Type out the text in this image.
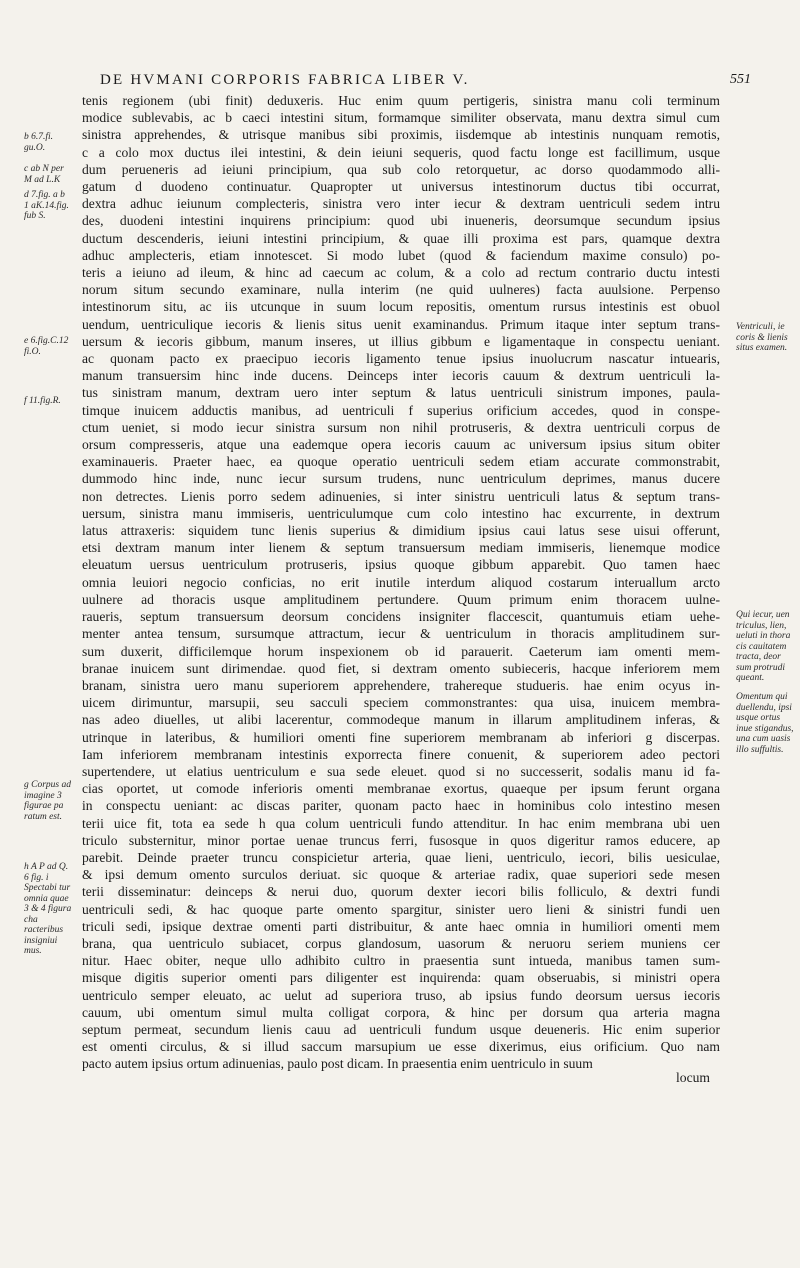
DE HVMANI CORPORIS FABRICA LIBER V.	551
tenis regionem (ubi finit) deduxeris. Huc enim quum pertigeris, sinistra manu coli terminum
modice sublevabis, ac b caeci intestini situm, formamque similiter observata, manu dextra simul cum
sinistra apprehendes, & utrisque manibus sibi proximis, iisdemque ab intestinis nunquam remotis,
c a colo mox ductus ilei intestini, & dein ieiuni sequeris, quod factu longe est facillimum, usque
dum perueneris ad ieiuni principium, qua sub colo retorquetur, ac dorso quodammodo alli-
gatum d duodeno continuatur. Quapropter ut universus intestinorum ductus tibi occurrat,
dextra adhuc ieiunum complecteris, sinistra vero inter iecur & dextram uentriculi sedem intru
des, duodeni intestini inquirens principium: quod ubi inueneris, deorsumque secundum ipsius
ductum descenderis, ieiuni intestini principium, & quae illi proxima est pars, quamque dextra
adhuc amplecteris, etiam innotescet. Si modo lubet (quod & faciendum maxime consulo) po-
teris a ieiuno ad ileum, & hinc ad caecum ac colum, & a colo ad rectum contrario ductu intesti
norum situm secundo examinare, nulla interim (ne quid uulneres) facta auulsione. Perpenso
intestinorum situ, ac iis utcunque in suum locum repositis, omentum rursus intestinis est obuol
uendum, uentriculique iecoris & lienis situs uenit examinandus. Primum itaque inter septum trans-
uersum & iecoris gibbum, manum inseres, ut illius gibbum e ligamentaque in conspectu ueniant.
ac quonam pacto ex praecipuo iecoris ligamento tenue ipsius inuolucrum nascatur intuearis,
manum transuersim hinc inde ducens. Deinceps inter iecoris cauum & dextrum uentriculi la-
tus sinistram manum, dextram uero inter septum & latus uentriculi sinistrum impones, paula-
timque inuicem adductis manibus, ad uentriculi f superius orificium accedes, quod in conspe-
ctum ueniet, si modo iecur sinistra sursum non nihil protruseris, & dextra uentriculi corpus de
orsum compresseris, atque una eademque opera iecoris cauum ac universum ipsius situm obiter
examinaueris. Praeter haec, ea quoque operatio uentriculi sedem etiam accurate commonstrabit,
dummodo hinc inde, nunc iecur sursum trudens, nunc uentriculum deprimes, manus ducere
non detrectes. Lienis porro sedem adinuenies, si inter sinistru uentriculi latus & septum trans-
uersum, sinistra manu immiseris, uentriculumque cum colo intestino hac excurrente, in dextrum
latus attraxeris: siquidem tunc lienis superius & dimidium ipsius caui latus sese uisui offerunt,
etsi dextram manum inter lienem & septum transuersum mediam immiseris, lienemque modice
eleuatum uersus uentriculum protruseris, ipsius quoque gibbum apparebit. Quo tamen haec
omnia leuiori negocio conficias, no erit inutile interdum aliquod costarum interuallum arcto
uulnere ad thoracis usque amplitudinem pertundere. Quum primum enim thoracem uulne-
raueris, septum transuersum deorsum concidens insigniter flaccescit, quantumuis etiam uehe-
menter antea tensum, sursumque attractum, iecur & uentriculum in thoracis amplitudinem sur-
sum duxerit, difficilemque horum inspexionem ob id parauerit. Caeterum iam omenti mem-
branae inuicem sunt dirimendae. quod fiet, si dextram omento subieceris, hacque inferiorem mem
branam, sinistra uero manu superiorem apprehendere, trahereque studueris. hae enim ocyus in-
uicem dirimuntur, marsupii, seu sacculi speciem commonstrantes: qua uisa, inuicem membra-
nas adeo diuelles, ut alibi lacerentur, commodeque manum in illarum amplitudinem inferas, &
utrinque in lateribus, & humiliori omenti fine superiorem membranam ab inferiori g discerpas.
Iam inferiorem membranam intestinis exporrecta finere conuenit, & superiorem adeo pectori
supertendere, ut elatius uentriculum e sua sede eleuet. quod si no successerit, sodalis manu id fa-
cias oportet, ut comode inferioris omenti membranae exortus, quaeque per ipsum ferunt organa
in conspectu ueniant: ac discas pariter, quonam pacto haec in hominibus colo intestino mesen
terii uice fit, tota ea sede h qua colum uentriculi fundo attenditur. In hac enim membrana ubi uen
triculo substernitur, minor portae uenae truncus ferri, fusosque in quos digeritur ramos educere, ap
parebit. Deinde praeter truncu conspicietur arteria, quae lieni, uentriculo, iecori, bilis uesiculae,
& ipsi demum omento surculos deriuat. sic quoque & arteriae radix, quae superiori sede mesen
terii disseminatur: deinceps & nerui duo, quorum dexter iecori bilis folliculo, & dextri fundi
uentriculi sedi, & hac quoque parte omento spargitur, sinister uero lieni & sinistri fundi uen
triculi sedi, ipsique dextrae omenti parti distribuitur, & ante haec omnia in humiliori omenti mem
brana, qua uentriculo subiacet, corpus glandosum, uasorum & neruoru seriem muniens cer
nitur. Haec obiter, neque ullo adhibito cultro in praesentia sunt intueda, manibus tamen sum-
misque digitis superior omenti pars diligenter est inquirenda: quam obseruabis, si ministri opera
uentriculo semper eleuato, ac uelut ad superiora truso, ab ipsius fundo deorsum uersus iecoris
cauum, ubi omentum simul multa colligat corpora, & hinc per dorsum qua arteria magna
septum permeat, secundum lienis cauu ad uentriculi fundum usque deueneris. Hic enim superior
est omenti circulus, & si illud saccum marsupium ue esse dixerimus, eius orificium. Quo nam
pacto autem ipsius ortum adinuenias, paulo post dicam. In praesentia enim uentriculo in suum
b 6.7.fi. gu.O.
c ab N per M ad L.K
d 7.fig. a b 1 aK.14.fig. fub S.
e 6.fig.C.12 fi.O.
f 11.fig.R.
g Corpus ad imagine 3 figurae pa ratum est.
h A P ad Q. 6 fig. i Spectabi tur omnia quae 3 & 4 figura cha racteribus insigniui mus.
Ventriculi, ie coris & lienis situs examen.
Qui iecur, uen triculus, lien, ueluti in thora cis cauitatem tracta, deor sum protrudi queant.
Omentum qui duellendu, ipsi usque ortus inue stigandus, una cum uasis illo suffultis.
locum
